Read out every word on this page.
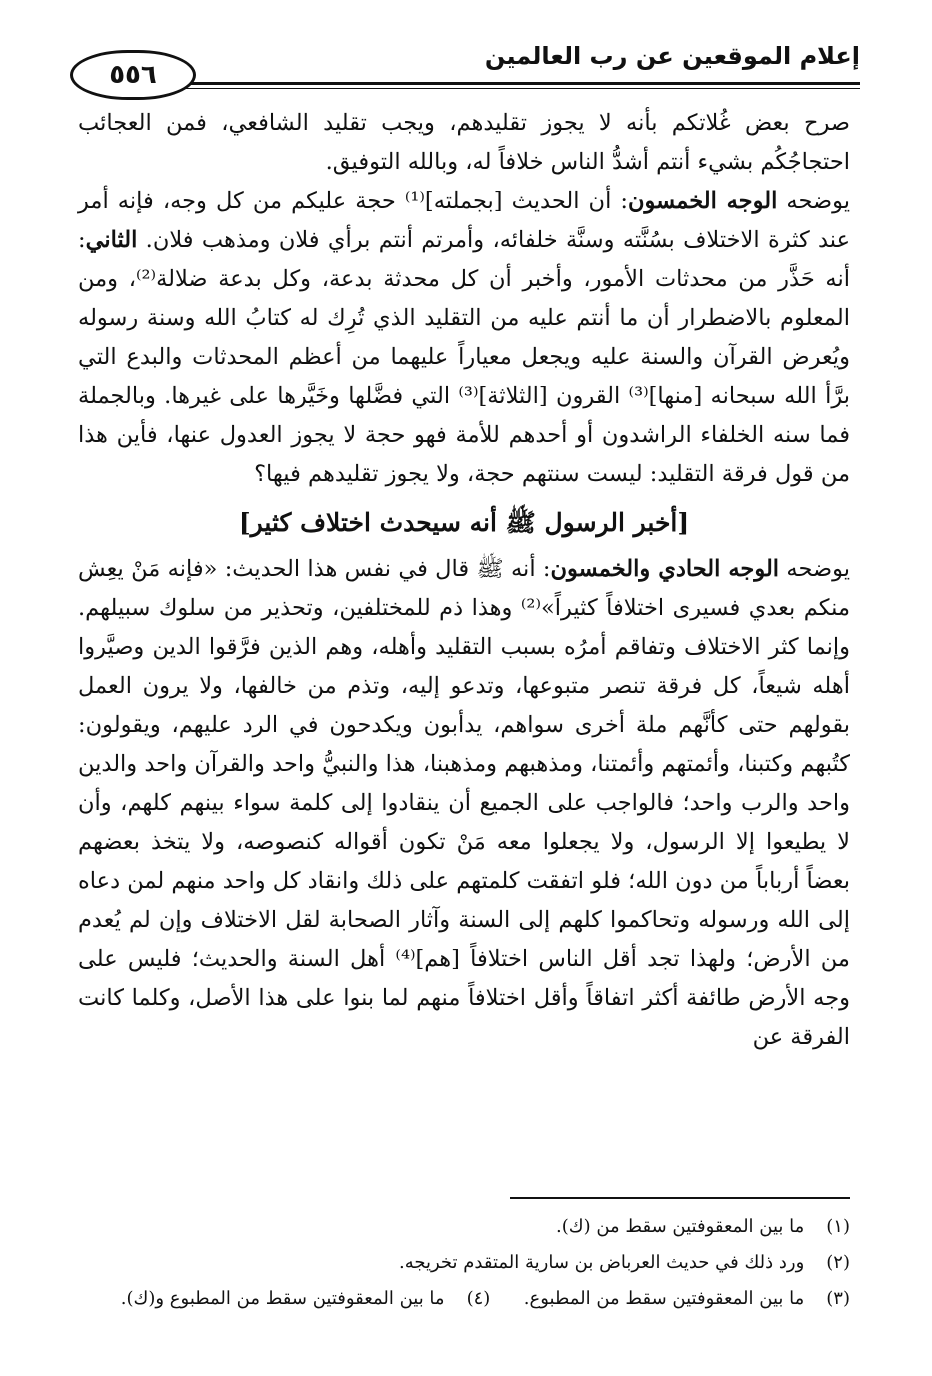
إعلام الموقعين عن رب العالمين
٥٥٦

صرح بعض غُلاتكم بأنه لا يجوز تقليدهم، ويجب تقليد الشافعي، فمن العجائب احتجاجُكُم بشيء أنتم أشدُّ الناس خلافاً له، وبالله التوفيق.

يوضحه الوجه الخمسون: أن الحديث [بجملته]⁽¹⁾ حجة عليكم من كل وجه، فإنه أمر عند كثرة الاختلاف بسُنَّته وسنَّة خلفائه، وأمرتم أنتم برأي فلان ومذهب فلان. الثاني: أنه حَذَّر من محدثات الأمور، وأخبر أن كل محدثة بدعة، وكل بدعة ضلالة⁽²⁾، ومن المعلوم بالاضطرار أن ما أنتم عليه من التقليد الذي تُرِك له كتابُ الله وسنة رسوله ويُعرض القرآن والسنة عليه ويجعل معياراً عليهما من أعظم المحدثات والبدع التي برَّأ الله سبحانه [منها]⁽³⁾ القرون [الثلاثة]⁽³⁾ التي فضَّلها وخَيَّرها على غيرها. وبالجملة فما سنه الخلفاء الراشدون أو أحدهم للأمة فهو حجة لا يجوز العدول عنها، فأين هذا من قول فرقة التقليد: ليست سنتهم حجة، ولا يجوز تقليدهم فيها؟

[أخبر الرسول ﷺ أنه سيحدث اختلاف كثير]

يوضحه الوجه الحادي والخمسون: أنه ﷺ قال في نفس هذا الحديث: «فإنه مَنْ يعِش منكم بعدي فسيرى اختلافاً كثيراً»⁽²⁾ وهذا ذم للمختلفين، وتحذير من سلوك سبيلهم. وإنما كثر الاختلاف وتفاقم أمرُه بسبب التقليد وأهله، وهم الذين فرَّقوا الدين وصيَّروا أهله شيعاً، كل فرقة تنصر متبوعها، وتدعو إليه، وتذم من خالفها، ولا يرون العمل بقولهم حتى كأنَّهم ملة أخرى سواهم، يدأبون ويكدحون في الرد عليهم، ويقولون: كتُبهم وكتبنا، وأئمتهم وأئمتنا، ومذهبهم ومذهبنا، هذا والنبيُّ واحد والقرآن واحد والدين واحد والرب واحد؛ فالواجب على الجميع أن ينقادوا إلى كلمة سواء بينهم كلهم، وأن لا يطيعوا إلا الرسول، ولا يجعلوا معه مَنْ تكون أقواله كنصوصه، ولا يتخذ بعضهم بعضاً أرباباً من دون الله؛ فلو اتفقت كلمتهم على ذلك وانقاد كل واحد منهم لمن دعاه إلى الله ورسوله وتحاكموا كلهم إلى السنة وآثار الصحابة لقل الاختلاف وإن لم يُعدم من الأرض؛ ولهذا تجد أقل الناس اختلافاً [هم]⁽⁴⁾ أهل السنة والحديث؛ فليس على وجه الأرض طائفة أكثر اتفاقاً وأقل اختلافاً منهم لما بنوا على هذا الأصل، وكلما كانت الفرقة عن

(١) ما بين المعقوفتين سقط من (ك).
(٢) ورد ذلك في حديث العرباض بن سارية المتقدم تخريجه.
(٣) ما بين المعقوفتين سقط من المطبوع.  (٤) ما بين المعقوفتين سقط من المطبوع و(ك).
